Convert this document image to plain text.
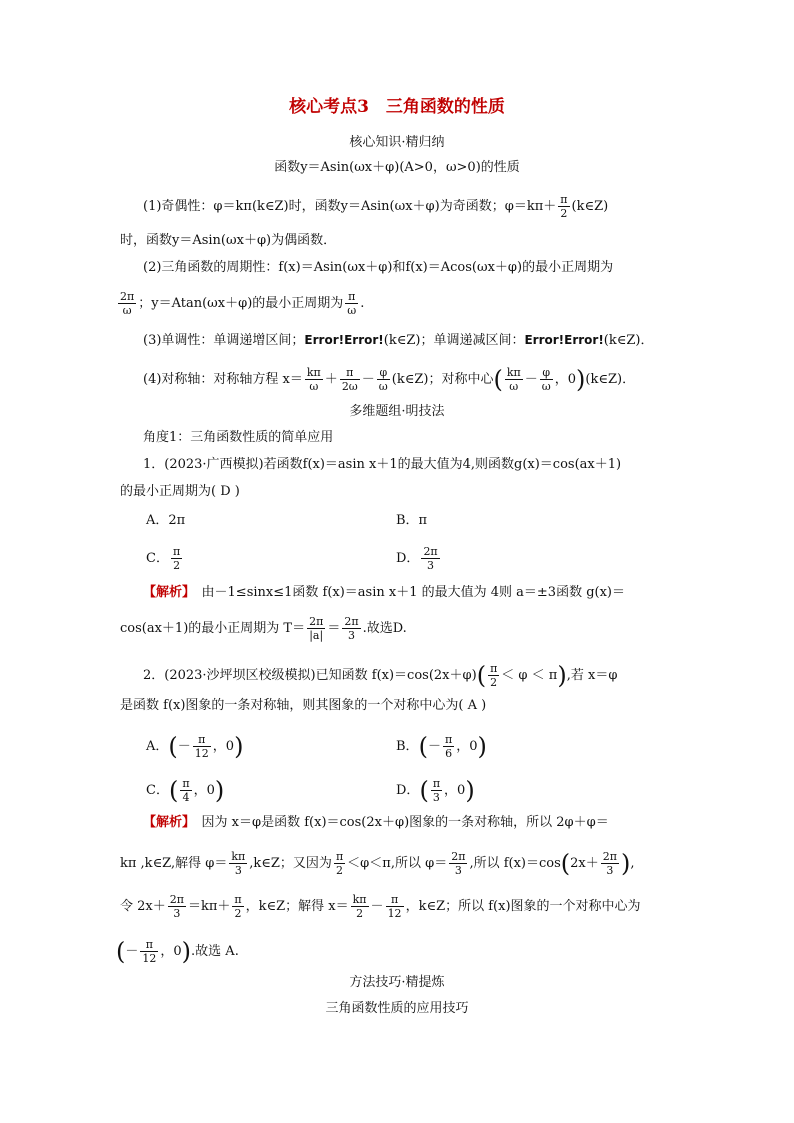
核心考点3　三角函数的性质
核心知识·精归纳
函数y＝Asin(ωx＋φ)(A>0，ω>0)的性质
(1)奇偶性：φ＝kπ(k∈Z)时，函数y＝Asin(ωx＋φ)为奇函数；$\varphi=k\pi+ \frac{\pi}{2}$ (k∈Z)
时，函数y＝Asin(ωx＋φ)为偶函数．
(2)三角函数的周期性：f(x)＝Asin(ωx＋φ)和f(x)＝Acos(ωx＋φ)的最小正周期为
$\frac{2\pi}{\omega}$ ；y＝Atan(ωx＋φ)的最小正周期为 $\frac{\pi}{\omega}$ .
(3)单调性：单调递增区间；Error!Error!(k∈Z)；单调递减区间：Error!Error!(k∈Z)．
(4)对称轴：对称轴方程 $x= \frac{k\pi}{\omega} + \frac{\pi}{2\omega} - \frac{\varphi}{\omega}$ (k∈Z)；对称中心( $\frac{k\pi}{\omega} - \frac{\varphi}{\omega}$ ，0)(k∈Z)．
多维题组·明技法
角度1：三角函数性质的简单应用
1．(2023·广西模拟)若函数f(x)＝asin x＋1的最大值为4,则函数g(x)＝cos(ax＋1)
的最小正周期为( D )
A．2π	B．π
C． $\frac{\pi}{2}$	D． $\frac{2\pi}{3}$
【解析】　 由－1≤sinx≤1函数 f(x)＝asin x＋1 的最大值为 4则 a＝±3函数 g(x)＝
cos(ax＋1)的最小正周期为 $T= \frac{2\pi}{|a|} = \frac{2\pi}{3}$ .故选D.
2．(2023·沙坪坝区校级模拟)已知函数 $f(x)=\cos(2x+\varphi)( \frac{\pi}{2} < \varphi < \pi)$,若 x＝φ
是函数 f(x)图象的一条对称轴，则其图象的一个对称中心为( A )
A．(－ $\frac{\pi}{12}$ ，0)	B．(－ $\frac{\pi}{6}$ ，0)
C．( $\frac{\pi}{4}$ ，0)	D．( $\frac{\pi}{3}$ ，0)
【解析】　 因为 x＝φ是函数 f(x)＝cos(2x＋φ)图象的一条对称轴，所以 2φ＋φ＝
kπ ,k∈Z,解得 $\varphi= \frac{k\pi}{3}$ ,k∈Z；又因为 $\frac{\pi}{2} <\varphi<\pi$,所以 $\varphi= \frac{2\pi}{3}$ ,所以 $f(x)=\cos(2x+ \frac{2\pi}{3}$ ),
令 $2x+ \frac{2\pi}{3} =k\pi+ \frac{\pi}{2}$ ，k∈Z；解得 $x= \frac{k\pi}{2} - \frac{\pi}{12}$ ，k∈Z；所以 f(x)图象的一个对称中心为
(－ $\frac{\pi}{12}$ ，0).故选 A.
方法技巧·精提炼
三角函数性质的应用技巧
